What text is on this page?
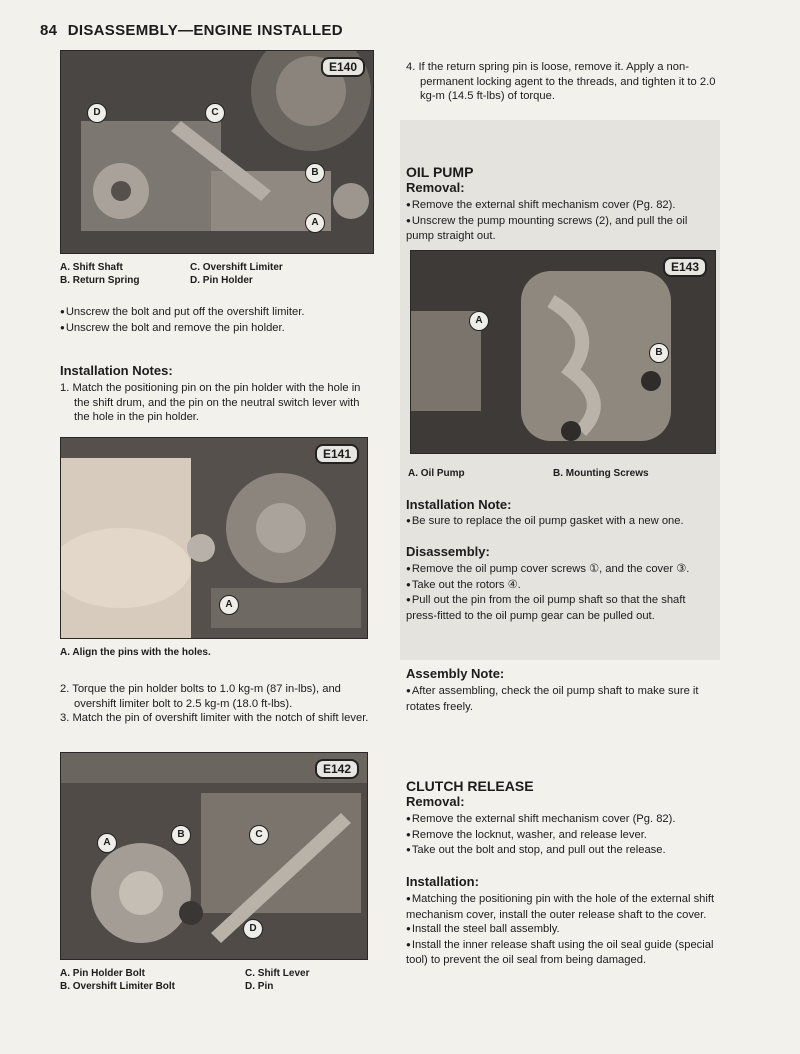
84 DISASSEMBLY—ENGINE INSTALLED
E140
D	C
B
A
A. Shift Shaft	C. Overshift Limiter
B. Return Spring	D. Pin Holder

● Unscrew the bolt and put off the overshift limiter.

● Unscrew the bolt and remove the pin holder.

Installation Notes:

1. Match the positioning pin on the pin holder with the hole in the shift drum, and the pin on the neutral switch lever with the hole in the pin holder.

E141
A
A. Align the pins with the holes.

2. Torque the pin holder bolts to 1.0 kg-m (87 in-lbs), and overshift limiter bolt to 2.5 kg-m (18.0 ft-lbs).

3. Match the pin of overshift limiter with the notch of shift lever.

E142
A
B	C
D
A. Pin Holder Bolt	C. Shift Lever
B. Overshift Limiter Bolt	D. Pin

4. If the return spring pin is loose, remove it. Apply a non-permanent locking agent to the threads, and tighten it to 2.0 kg-m (14.5 ft-lbs) of torque.

OIL PUMP
Removal:

● Remove the external shift mechanism cover (Pg. 82).

● Unscrew the pump mounting screws (2), and pull the oil pump straight out.

E143
A
B
A. Oil Pump	B. Mounting Screws
Installation Note:

● Be sure to replace the oil pump gasket with a new one.

Disassembly:

● Remove the oil pump cover screws ①, and the cover ③.

● Take out the rotors ④.

● Pull out the pin from the oil pump shaft so that the shaft press-fitted to the oil pump gear can be pulled out.

Assembly Note:

● After assembling, check the oil pump shaft to make sure it rotates freely.

CLUTCH RELEASE
Removal:

● Remove the external shift mechanism cover (Pg. 82).

● Remove the locknut, washer, and release lever.

● Take out the bolt and stop, and pull out the release.

Installation:

● Matching the positioning pin with the hole of the external shift mechanism cover, install the outer release shaft to the cover.

● Install the steel ball assembly.

● Install the inner release shaft using the oil seal guide (special tool) to prevent the oil seal from being damaged.
